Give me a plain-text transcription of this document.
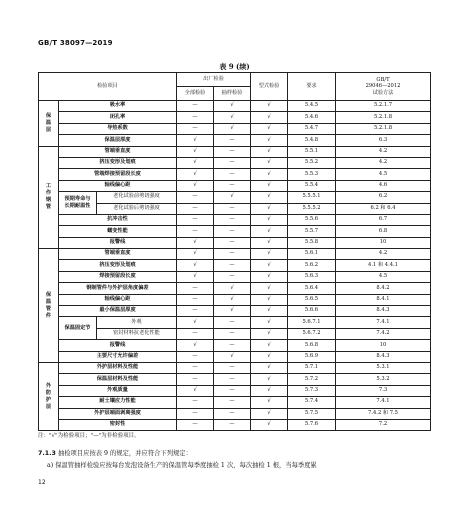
GB/T 38097—2019
表 9 (续)
检验项目			出厂检验		型式检验	要求	GB/T
29046—2012
试验方法
			全部检验	抽样检验			
保
温
层	吸水率		—	√	√	5.4.5	5.2.1.7
	闭孔率		—	√	√	5.4.6	5.2.1.8
	导热系数		—	√	√	5.4.7	5.2.1.8
	保温层厚度		√	—	√	5.4.8	6.3
工
作
钢
管	管端垂直度		√	—	√	5.5.1	4.2
	挤压变形及划痕		√	—	√	5.5.2	4.2
	管端焊接预留段长度		√	—	√	5.5.3	4.5
	轴线偏心距		√	—	√	5.5.4	4.6
	预期寿命与
长期耐温性	老化试验前剪切强度	—	√	√	5.5.5.1	6.2
		老化试验后剪切强度	—	—	√	5.5.5.2	6.2 和 6.4
	抗冲击性		—	—	√	5.5.6	6.7
	蠕变性能		—	—	√	5.5.7	6.8
	报警线		√	—	√	5.5.8	10
保
温
管
件	管端垂直度		√	—	√	5.6.1	4.2
	挤压变形及划痕		√	—	√	5.6.2	4.1 和 4.4.1
	焊接预留段长度		√	—	√	5.6.3	4.5
	钢制管件与外护层角度偏差		—	√	√	5.6.4	8.4.2
	轴线偏心距		—	√	√	5.6.5	8.4.1
	最小保温层厚度		—	√	√	5.6.6	8.4.3
	保温固定节	外观	√	—	√	5.6.7.1	7.4.1
		密封材料抗老化性能	—	—	√	5.6.7.2	7.4.2
	报警线		√	—	√	5.6.8	10
	主要尺寸允许偏差		—	√	√	5.6.9	8.4.3
外
防
护
层	外护层材料及性能		—	—	√	5.7.1	5.3.1
	保温层材料及性能		—	—	√	5.7.2	5.3.2
	外观质量		√	—	√	5.7.3	7.3
	耐土壤应力性能		—	—	√	5.7.4	7.4.1
	外护层端面剥离强度		—	—	√	5.7.5	7.4.2 和 7.5
	密封性		—	—	√	5.7.6	7.2
注："√"为检验项目；"—"为非检验项目。
7.1.3 抽检项目应按表 9 的规定，并应符合下列规定：
a) 保温管抽样检验应按每台发泡设备生产的保温管每季度抽检 1 次，每次抽检 1 根，当每季度累
12
